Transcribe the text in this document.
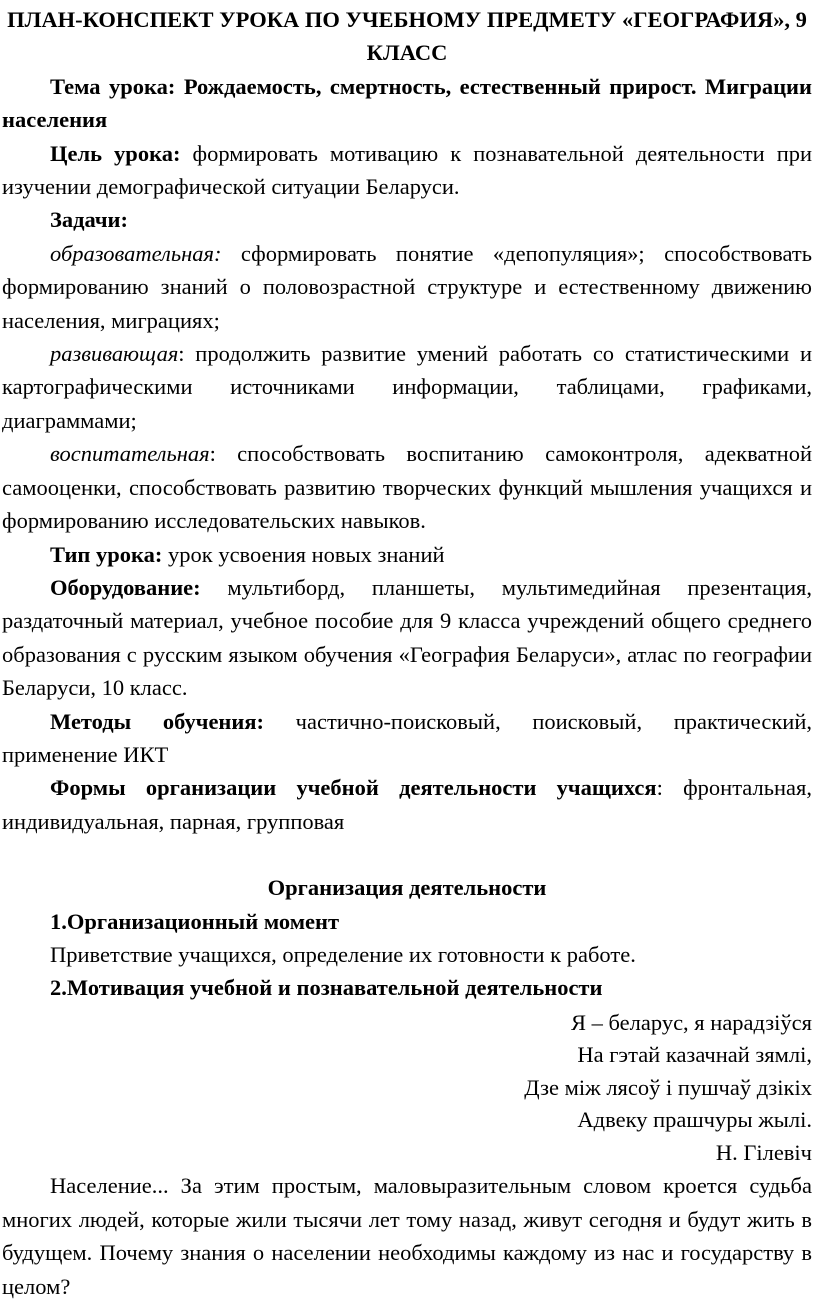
ПЛАН-КОНСПЕКТ УРОКА ПО УЧЕБНОМУ ПРЕДМЕТУ «ГЕОГРАФИЯ», 9 КЛАСС

Тема урока: Рождаемость, смертность, естественный прирост. Миграции населения

Цель урока: формировать мотивацию к познавательной деятельности при изучении демографической ситуации Беларуси.

Задачи:

образовательная: сформировать понятие «депопуляция»; способствовать формированию знаний о половозрастной структуре и естественному движению населения, миграциях;

развивающая: продолжить развитие умений работать со статистическими и картографическими источниками информации, таблицами, графиками, диаграммами;

воспитательная: способствовать воспитанию самоконтроля, адекватной самооценки, способствовать развитию творческих функций мышления учащихся и формированию исследовательских навыков.

Тип урока: урок усвоения новых знаний

Оборудование: мультиборд, планшеты, мультимедийная презентация, раздаточный материал, учебное пособие для 9 класса учреждений общего среднего образования с русским языком обучения «География Беларуси», атлас по географии Беларуси, 10 класс.

Методы обучения: частично-поисковый, поисковый, практический, применение ИКТ

Формы организации учебной деятельности учащихся: фронтальная, индивидуальная, парная, групповая

Организация деятельности

1.Организационный момент

Приветствие учащихся, определение их готовности к работе.

2.Мотивация учебной и познавательной деятельности

Я – беларус, я нарадзіўся

На гэтай казачнай зямлі,

Дзе між лясоў і пушчаў дзікіх

Адвеку прашчуры жылі.

Н. Гілевіч

Население... За этим простым, маловыразительным словом кроется судьба многих людей, которые жили тысячи лет тому назад, живут сегодня и будут жить в будущем. Почему знания о населении необходимы каждому из нас и государству в целом?
